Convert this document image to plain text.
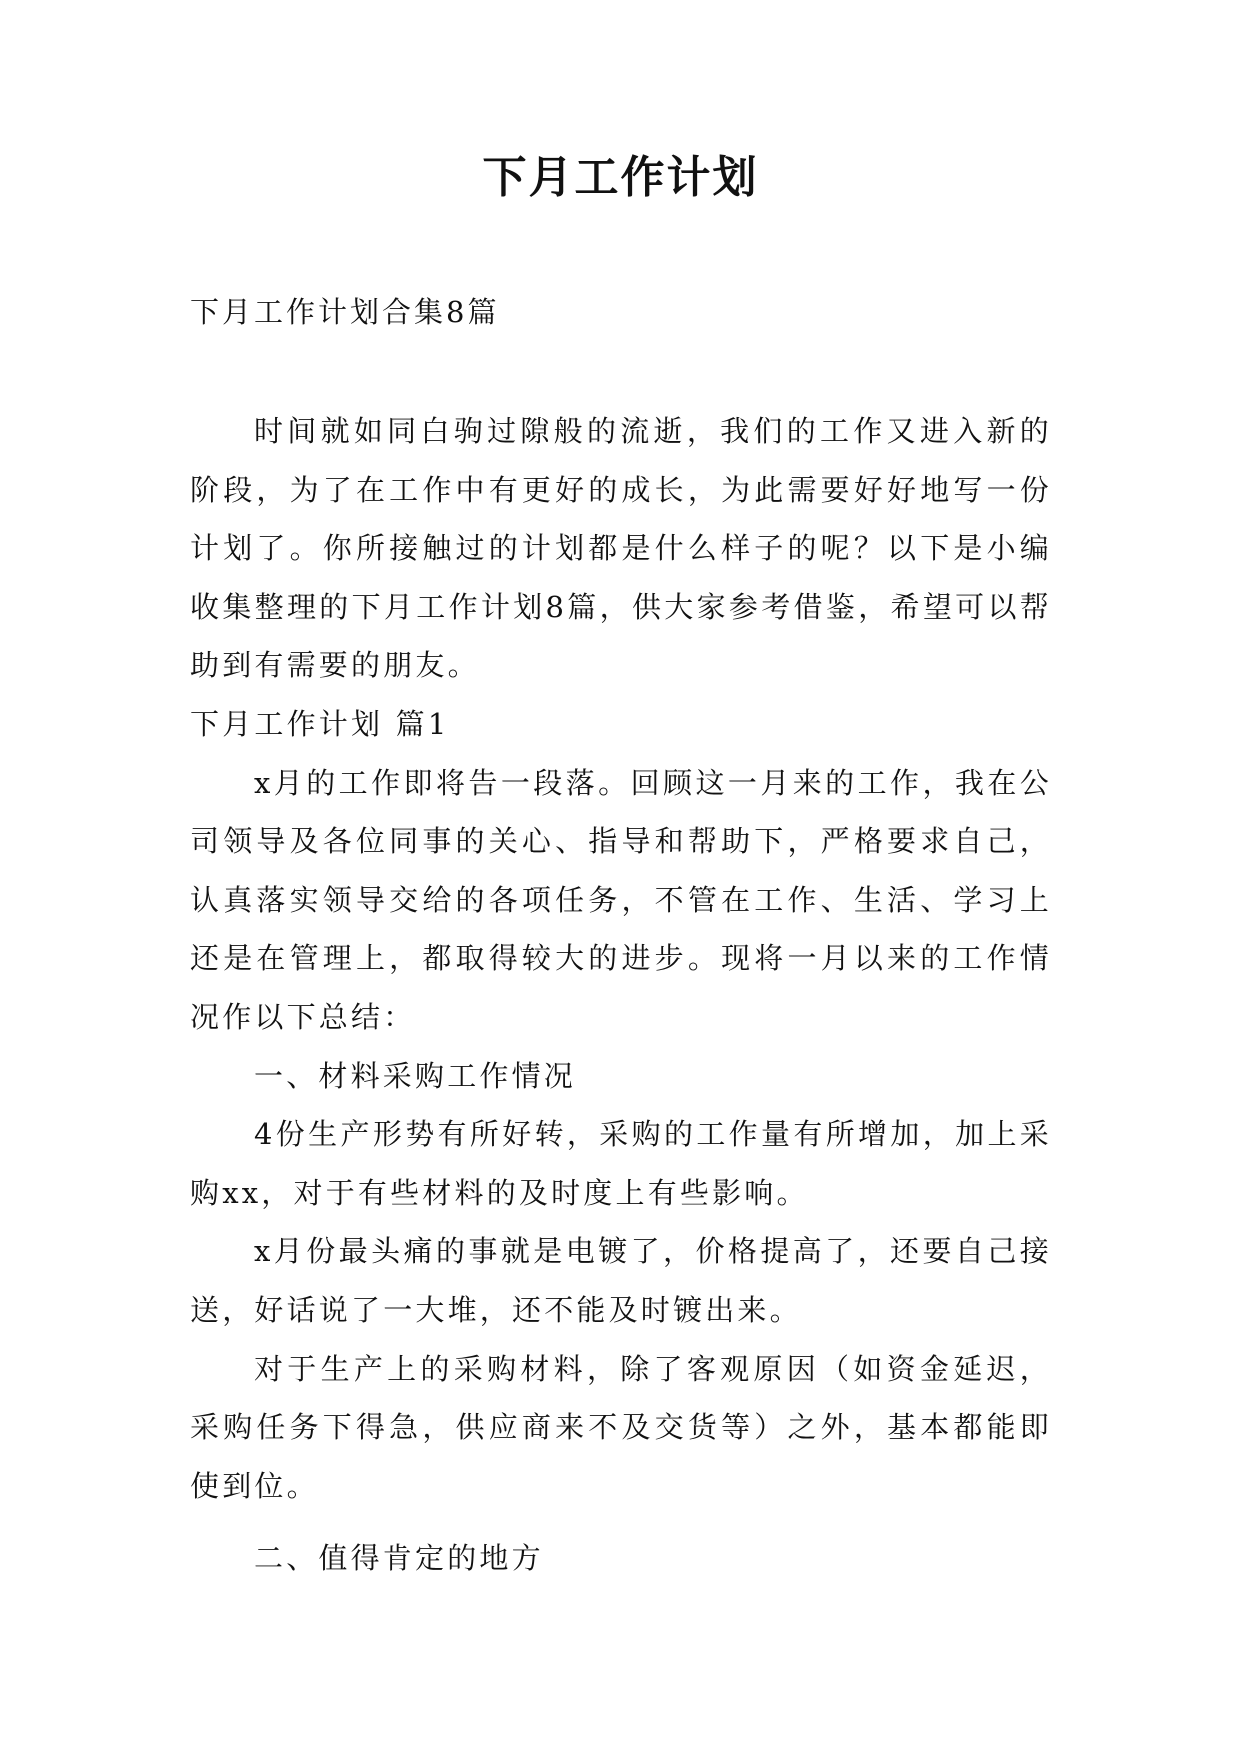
下月工作计划
下月工作计划合集8篇

时间就如同白驹过隙般的流逝，我们的工作又进入新的阶段，为了在工作中有更好的成长，为此需要好好地写一份计划了。你所接触过的计划都是什么样子的呢？以下是小编收集整理的下月工作计划8篇，供大家参考借鉴，希望可以帮助到有需要的朋友。

下月工作计划 篇1

x月的工作即将告一段落。回顾这一月来的工作，我在公司领导及各位同事的关心、指导和帮助下，严格要求自己，认真落实领导交给的各项任务，不管在工作、生活、学习上还是在管理上，都取得较大的进步。现将一月以来的工作情况作以下总结：

一、材料采购工作情况

4份生产形势有所好转，采购的工作量有所增加，加上采购xx，对于有些材料的及时度上有些影响。

x月份最头痛的事就是电镀了，价格提高了，还要自己接送，好话说了一大堆，还不能及时镀出来。

对于生产上的采购材料，除了客观原因（如资金延迟，采购任务下得急，供应商来不及交货等）之外，基本都能即使到位。

二、值得肯定的地方
